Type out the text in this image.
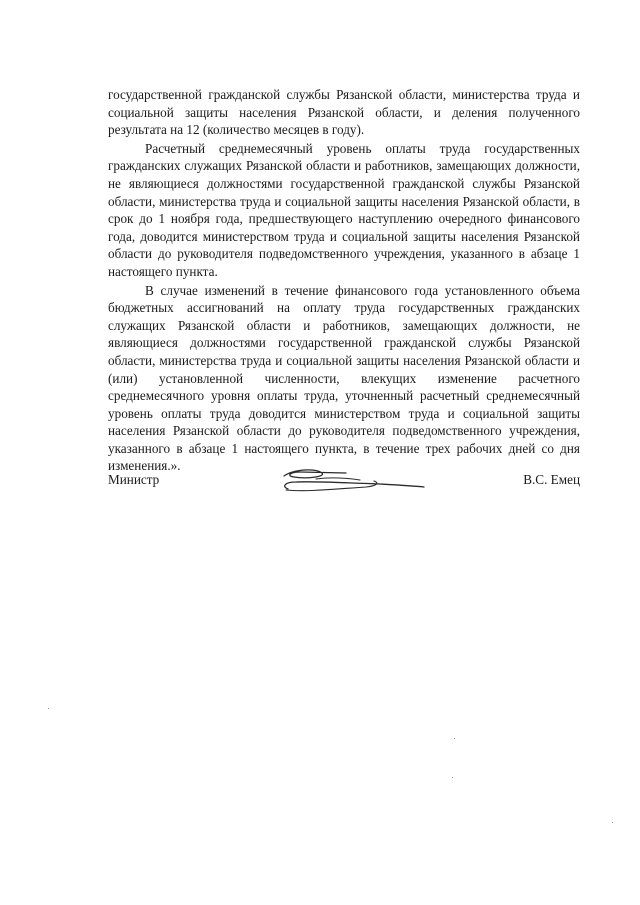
государственной гражданской службы Рязанской области, министерства труда и социальной защиты населения Рязанской области, и деления полученного результата на 12 (количество месяцев в году).

Расчетный среднемесячный уровень оплаты труда государственных гражданских служащих Рязанской области и работников, замещающих должности, не являющиеся должностями государственной гражданской службы Рязанской области, министерства труда и социальной защиты населения Рязанской области, в срок до 1 ноября года, предшествующего наступлению очередного финансового года, доводится министерством труда и социальной защиты населения Рязанской области до руководителя подведомственного учреждения, указанного в абзаце 1 настоящего пункта.

В случае изменений в течение финансового года установленного объема бюджетных ассигнований на оплату труда государственных гражданских служащих Рязанской области и работников, замещающих должности, не являющиеся должностями государственной гражданской службы Рязанской области, министерства труда и социальной защиты населения Рязанской области и (или) установленной численности, влекущих изменение расчетного среднемесячного уровня оплаты труда, уточненный расчетный среднемесячный уровень оплаты труда доводится министерством труда и социальной защиты населения Рязанской области до руководителя подведомственного учреждения, указанного в абзаце 1 настоящего пункта, в течение трех рабочих дней со дня изменения.».

Министр	В.С. Емец
